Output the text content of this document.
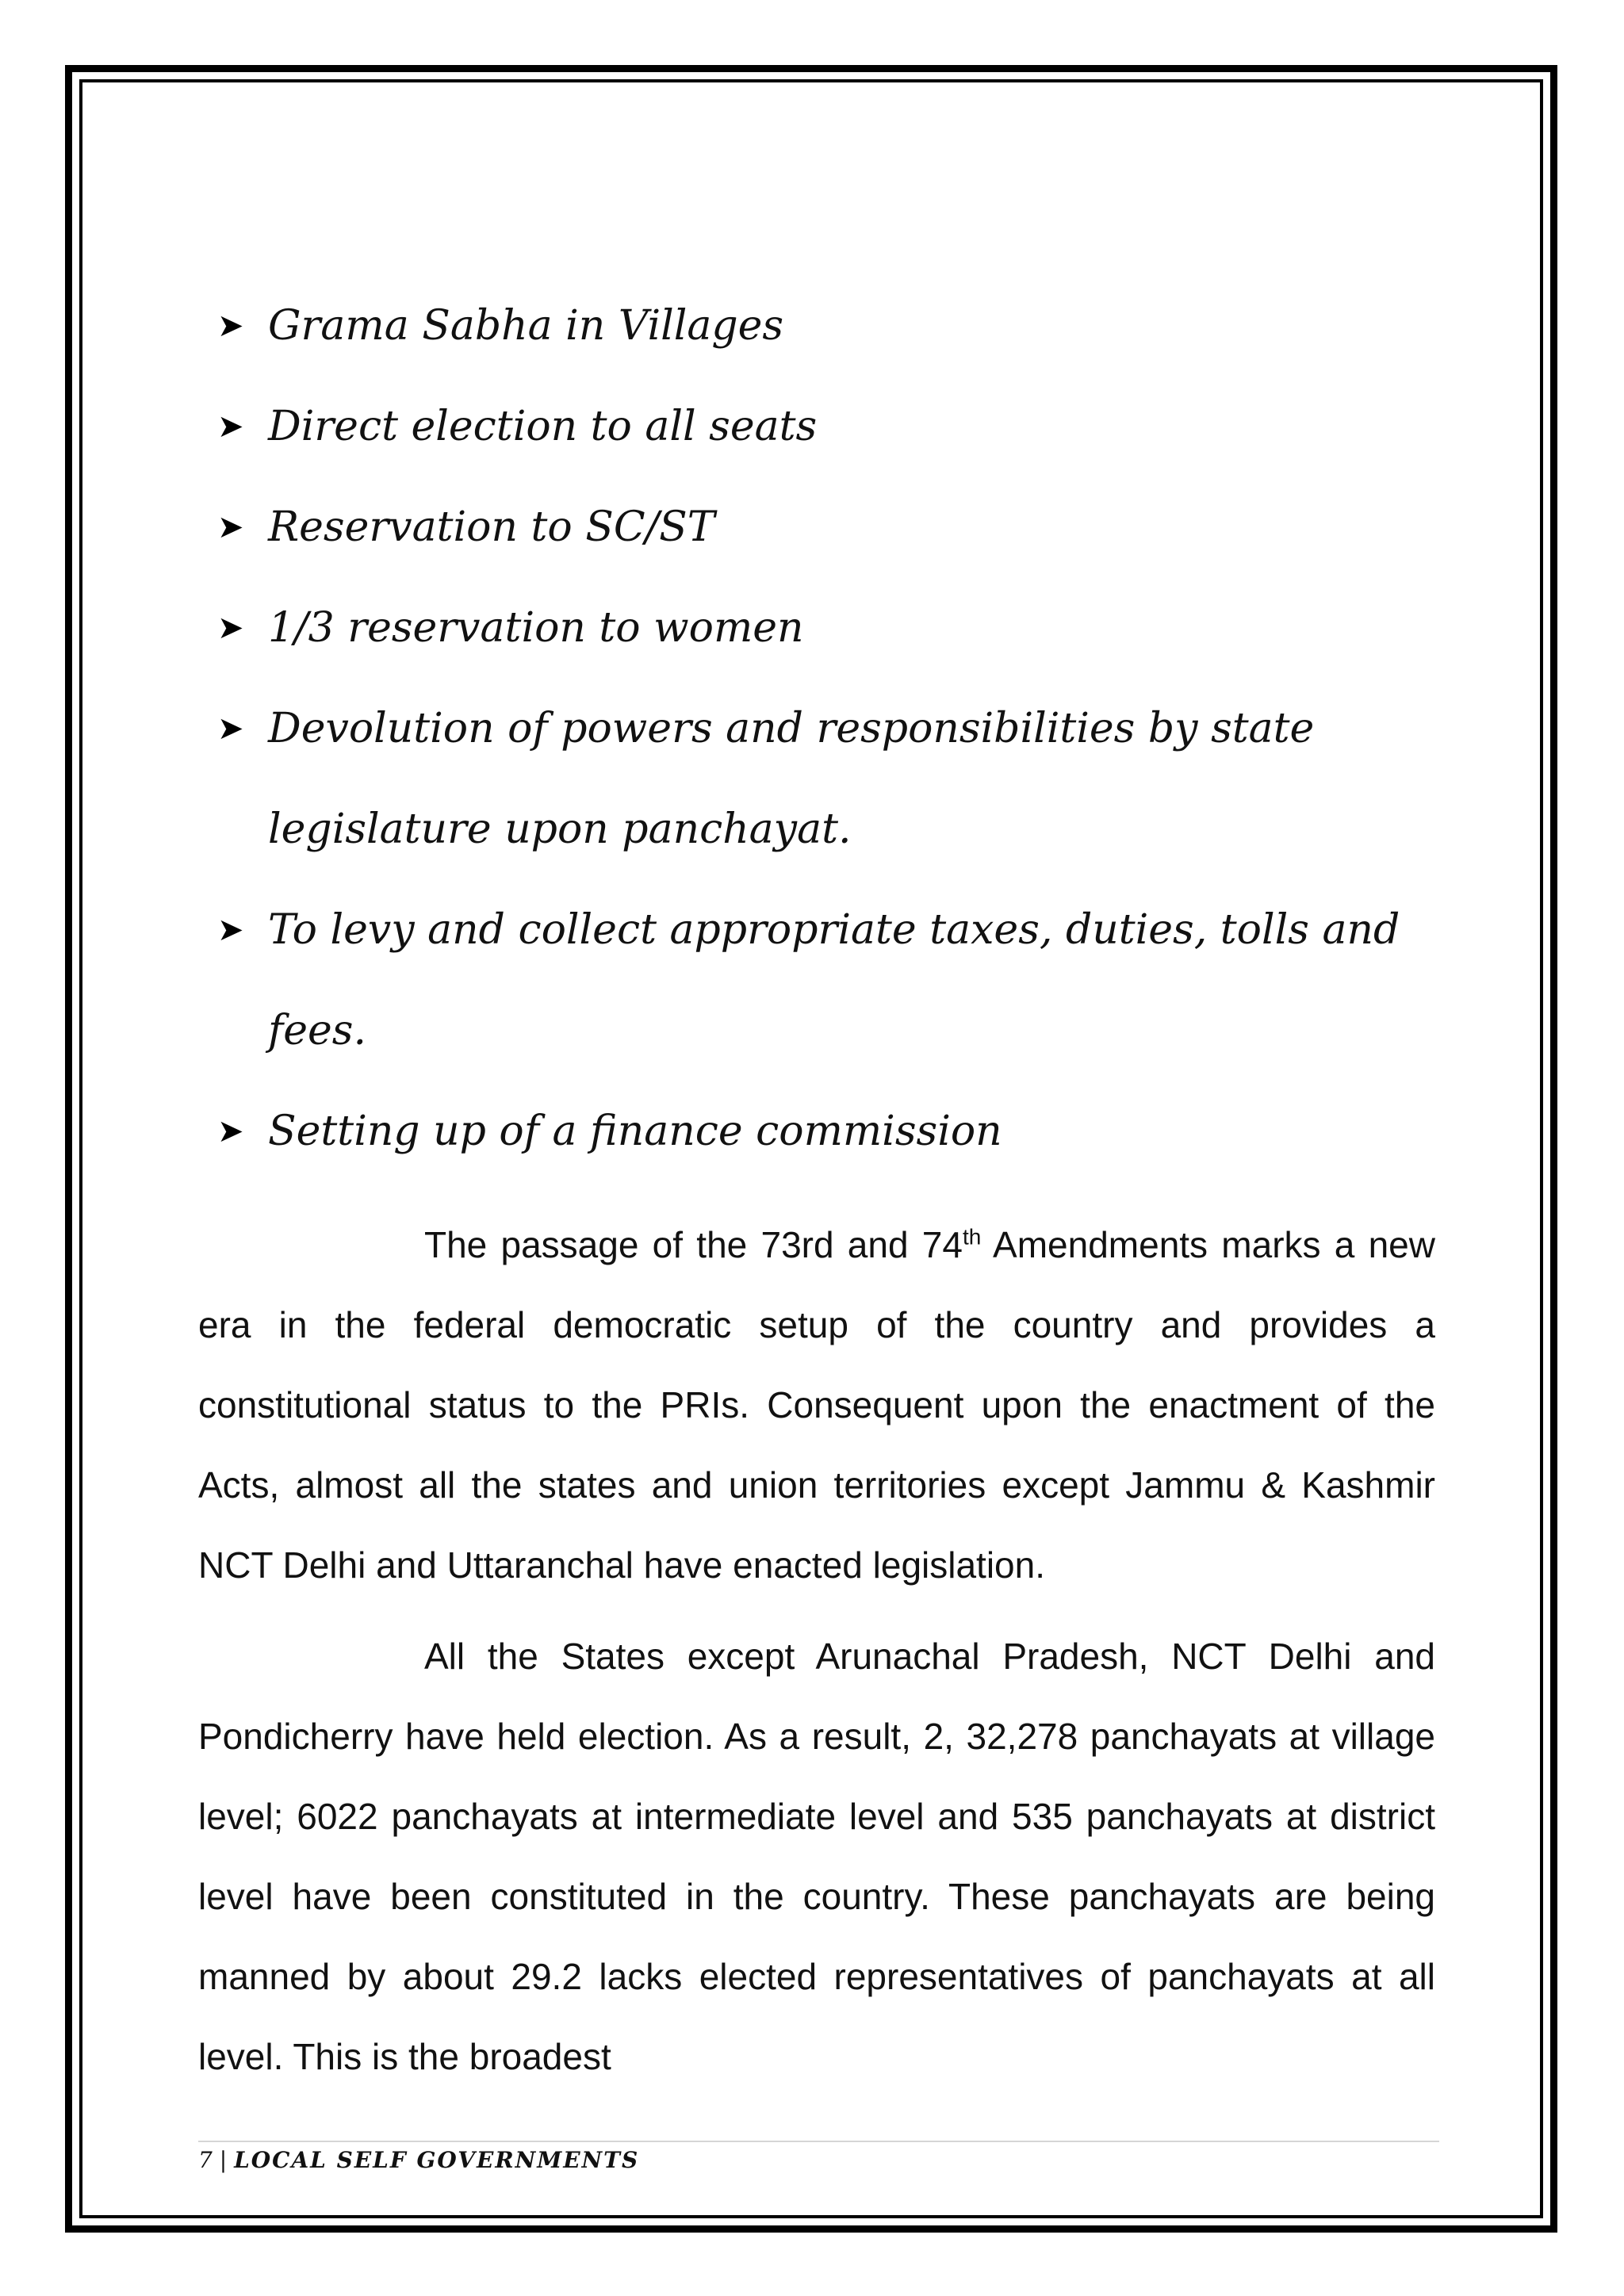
➤ Grama Sabha in Villages
➤ Direct election to all seats
➤ Reservation to SC/ST
➤ 1/3 reservation to women
➤ Devolution of powers and responsibilities by state legislature upon panchayat.
➤ To levy and collect appropriate taxes, duties, tolls and fees.
➤ Setting up of a finance commission

The passage of the 73rd and 74th Amendments marks a new era in the federal democratic setup of the country and provides a constitutional status to the PRIs. Consequent upon the enactment of the Acts, almost all the states and union territories except Jammu & Kashmir NCT Delhi and Uttaranchal have enacted legislation.

All the States except Arunachal Pradesh, NCT Delhi and Pondicherry have held election. As a result, 2, 32,278 panchayats at village level; 6022 panchayats at intermediate level and 535 panchayats at district level have been constituted in the country. These panchayats are being manned by about 29.2 lacks elected representatives of panchayats at all level. This is the broadest

7 | LOCAL SELF GOVERNMENTS
